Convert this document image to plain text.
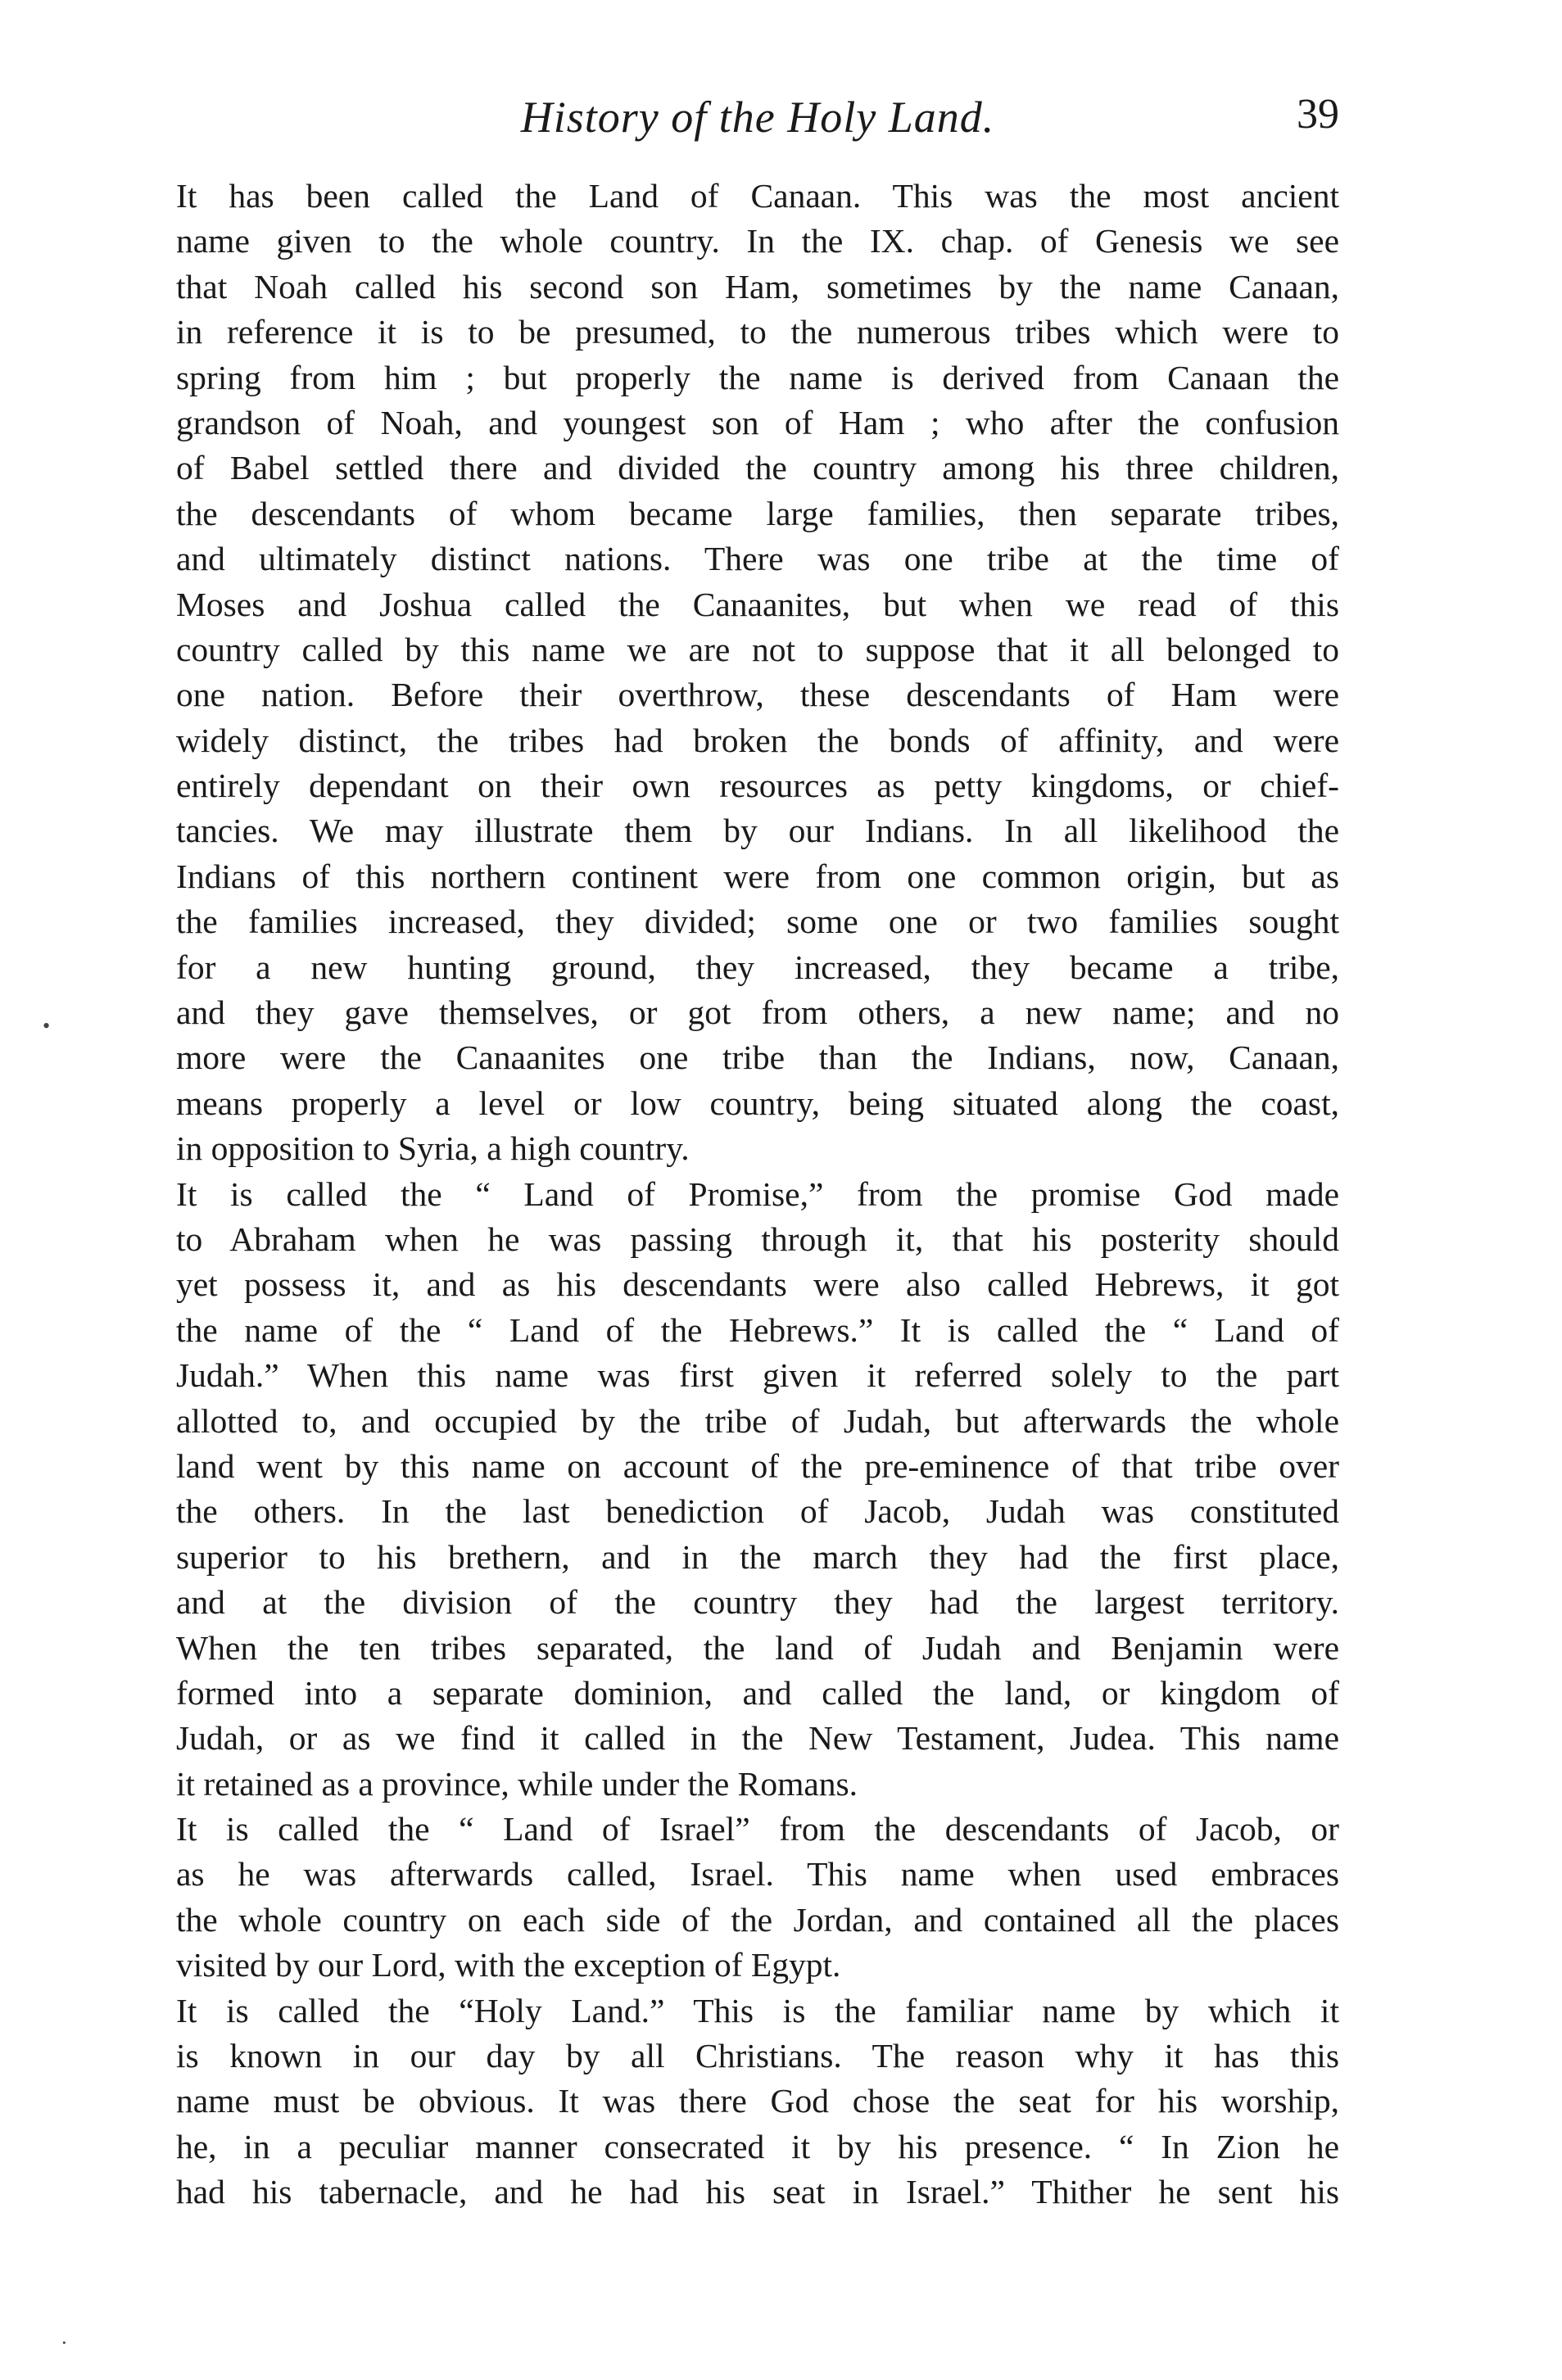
History of the Holy Land.	39
It has been called the Land of Canaan. This was the most ancient
name given to the whole country. In the IX. chap. of Genesis we see
that Noah called his second son Ham, sometimes by the name Canaan,
in reference it is to be presumed, to the numerous tribes which were to
spring from him ; but properly the name is derived from Canaan the
grandson of Noah, and youngest son of Ham ; who after the confusion
of Babel settled there and divided the country among his three children,
the descendants of whom became large families, then separate tribes,
and ultimately distinct nations. There was one tribe at the time of
Moses and Joshua called the Canaanites, but when we read of this
country called by this name we are not to suppose that it all belonged to
one nation. Before their overthrow, these descendants of Ham were
widely distinct, the tribes had broken the bonds of affinity, and were
entirely dependant on their own resources as petty kingdoms, or chief-
tancies. We may illustrate them by our Indians. In all likelihood the
Indians of this northern continent were from one common origin, but as
the families increased, they divided; some one or two families sought
for a new hunting ground, they increased, they became a tribe,
and they gave themselves, or got from others, a new name; and no
more were the Canaanites one tribe than the Indians, now, Canaan,
means properly a level or low country, being situated along the coast,
in opposition to Syria, a high country.
It is called the “ Land of Promise,” from the promise God made
to Abraham when he was passing through it, that his posterity should
yet possess it, and as his descendants were also called Hebrews, it got
the name of the “ Land of the Hebrews.” It is called the “ Land of
Judah.” When this name was first given it referred solely to the part
allotted to, and occupied by the tribe of Judah, but afterwards the whole
land went by this name on account of the pre-eminence of that tribe over
the others. In the last benediction of Jacob, Judah was constituted
superior to his brethern, and in the march they had the first place,
and at the division of the country they had the largest territory.
When the ten tribes separated, the land of Judah and Benjamin were
formed into a separate dominion, and called the land, or kingdom of
Judah, or as we find it called in the New Testament, Judea. This name
it retained as a province, while under the Romans.
It is called the “ Land of Israel” from the descendants of Jacob, or
as he was afterwards called, Israel. This name when used embraces
the whole country on each side of the Jordan, and contained all the places
visited by our Lord, with the exception of Egypt.
It is called the “Holy Land.” This is the familiar name by which it
is known in our day by all Christians. The reason why it has this
name must be obvious. It was there God chose the seat for his worship,
he, in a peculiar manner consecrated it by his presence. “ In Zion he
had his tabernacle, and he had his seat in Israel.” Thither he sent his
•
·
